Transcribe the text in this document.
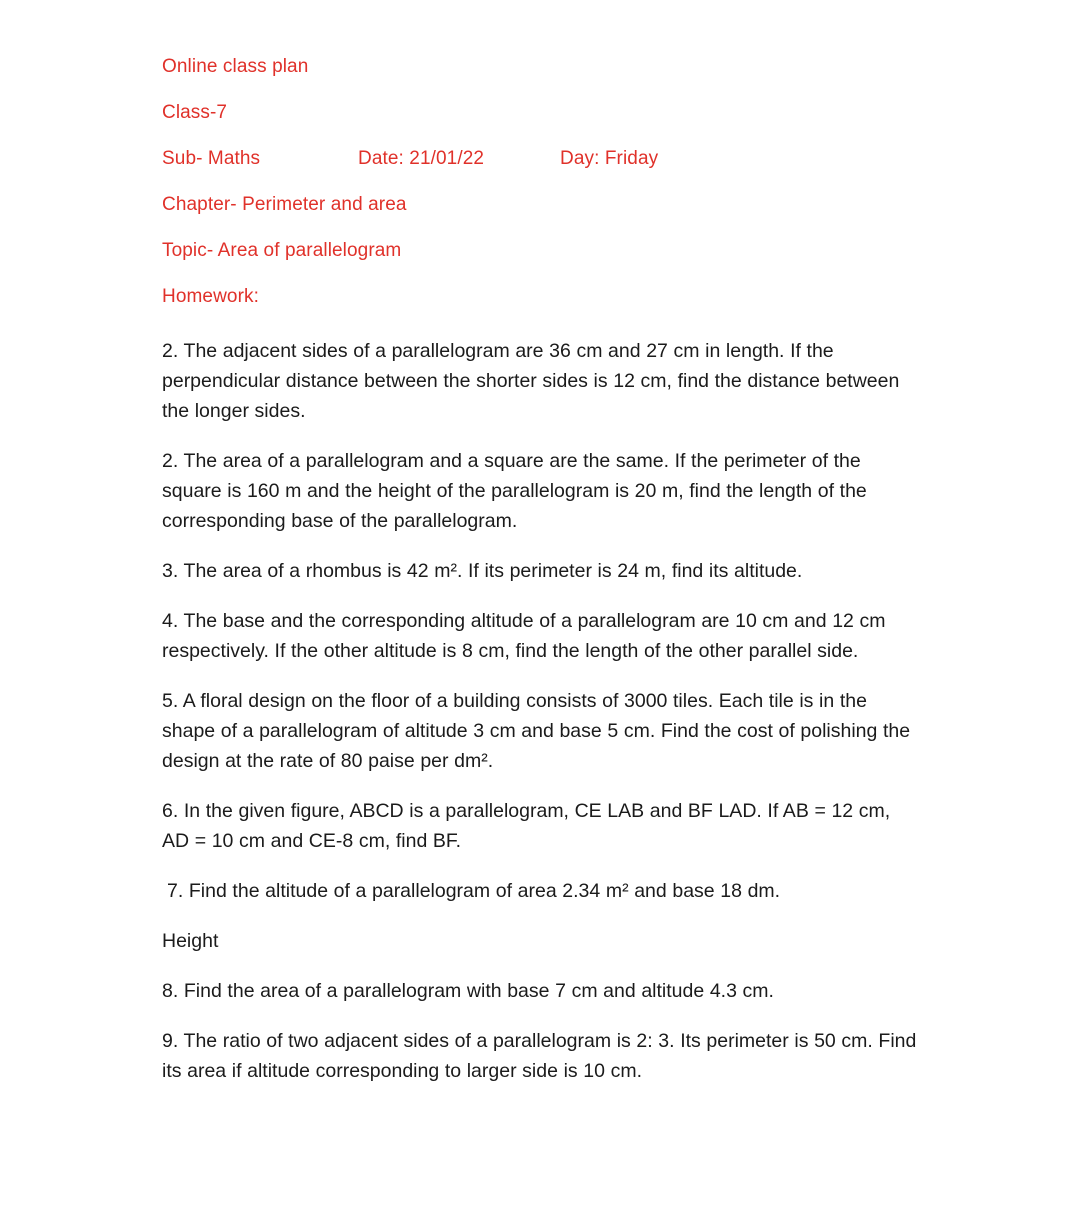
Online class plan

Class-7

Sub- Maths	Date: 21/01/22	Day: Friday

Chapter- Perimeter and area

Topic- Area of parallelogram

Homework:

2. The adjacent sides of a parallelogram are 36 cm and 27 cm in length. If the perpendicular distance between the shorter sides is 12 cm, find the distance between the longer sides.

2. The area of a parallelogram and a square are the same. If the perimeter of the square is 160 m and the height of the parallelogram is 20 m, find the length of the corresponding base of the parallelogram.

3. The area of a rhombus is 42 m². If its perimeter is 24 m, find its altitude.

4. The base and the corresponding altitude of a parallelogram are 10 cm and 12 cm respectively. If the other altitude is 8 cm, find the length of the other parallel side.

5. A floral design on the floor of a building consists of 3000 tiles. Each tile is in the shape of a parallelogram of altitude 3 cm and base 5 cm. Find the cost of polishing the design at the rate of 80 paise per dm².

6. In the given figure, ABCD is a parallelogram, CE LAB and BF LAD. If AB = 12 cm, AD = 10 cm and CE-8 cm, find BF.

7. Find the altitude of a parallelogram of area 2.34 m² and base 18 dm.

Height

8. Find the area of a parallelogram with base 7 cm and altitude 4.3 cm.

9. The ratio of two adjacent sides of a parallelogram is 2: 3. Its perimeter is 50 cm. Find its area if altitude corresponding to larger side is 10 cm.
